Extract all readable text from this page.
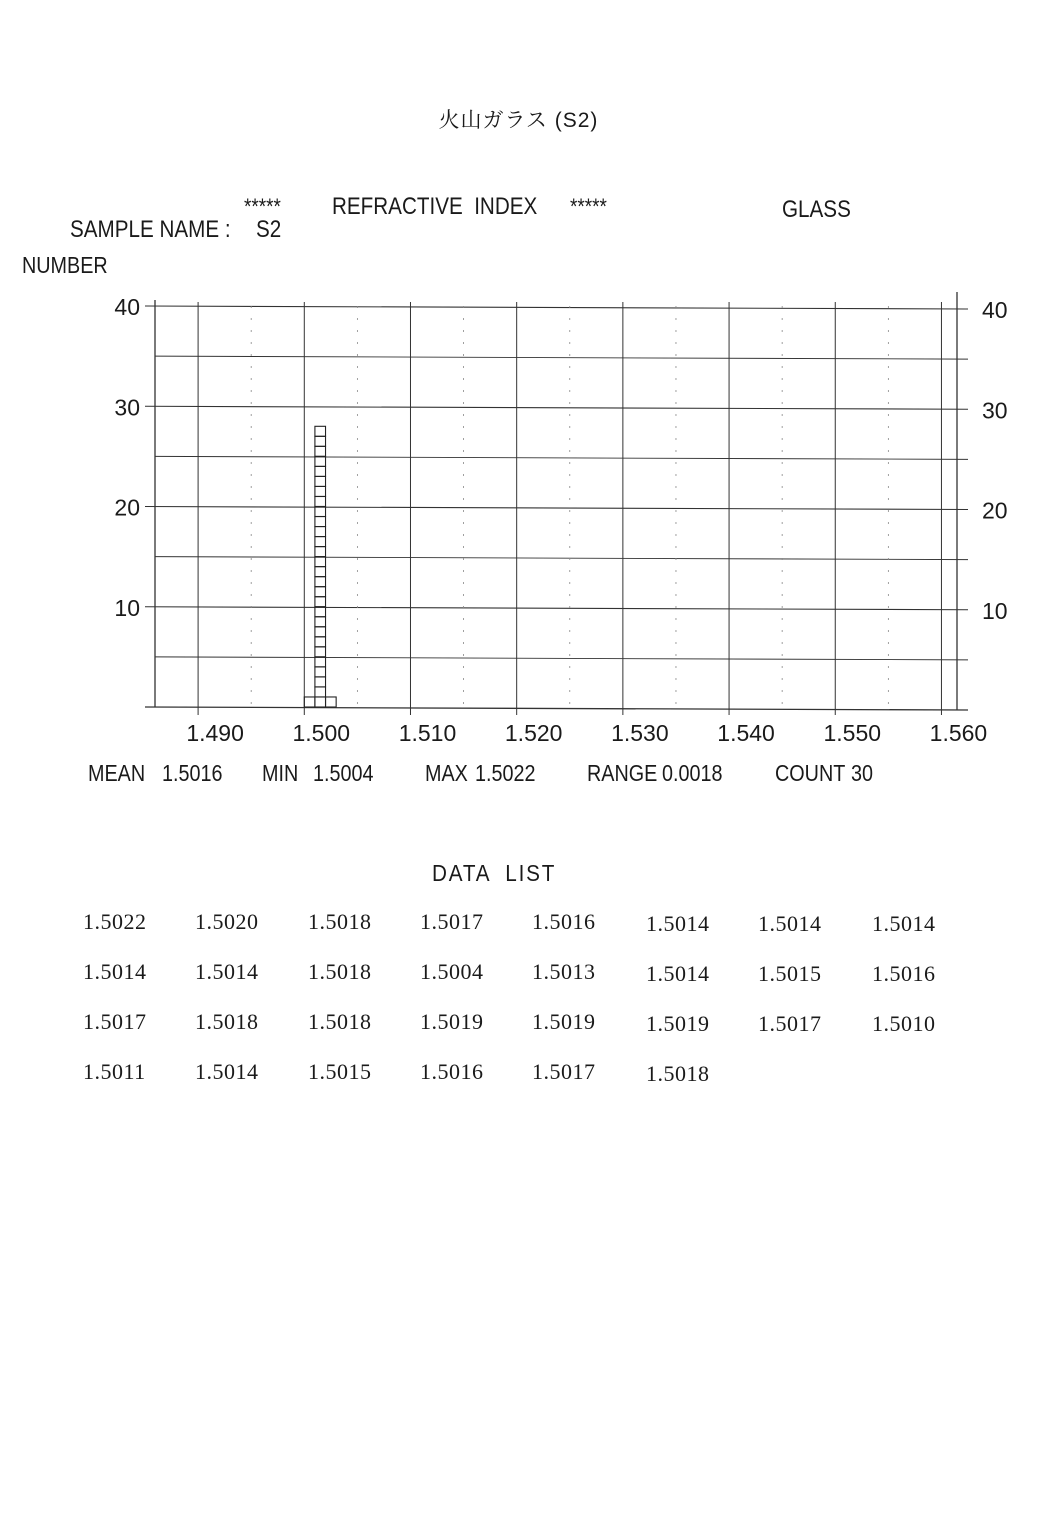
火山ガラス (S2)
***** REFRACTIVE  INDEX *****	GLASS
SAMPLE NAME : S2
NUMBER
40	40
30	30
20	20
10	10
1.490 1.500 1.510 1.520 1.530 1.540 1.550 1.560
MEAN 1.5016 MIN 1.5004 MAX 1.5022 RANGE 0.0018 COUNT 30
DATA  LIST
1.5022 1.5020 1.5018 1.5017 1.5016 1.5014 1.5014 1.5014
1.5014 1.5014 1.5018 1.5004 1.5013 1.5014 1.5015 1.5016
1.5017 1.5018 1.5018 1.5019 1.5019 1.5019 1.5017 1.5010
1.5011 1.5014 1.5015 1.5016 1.5017 1.5018
